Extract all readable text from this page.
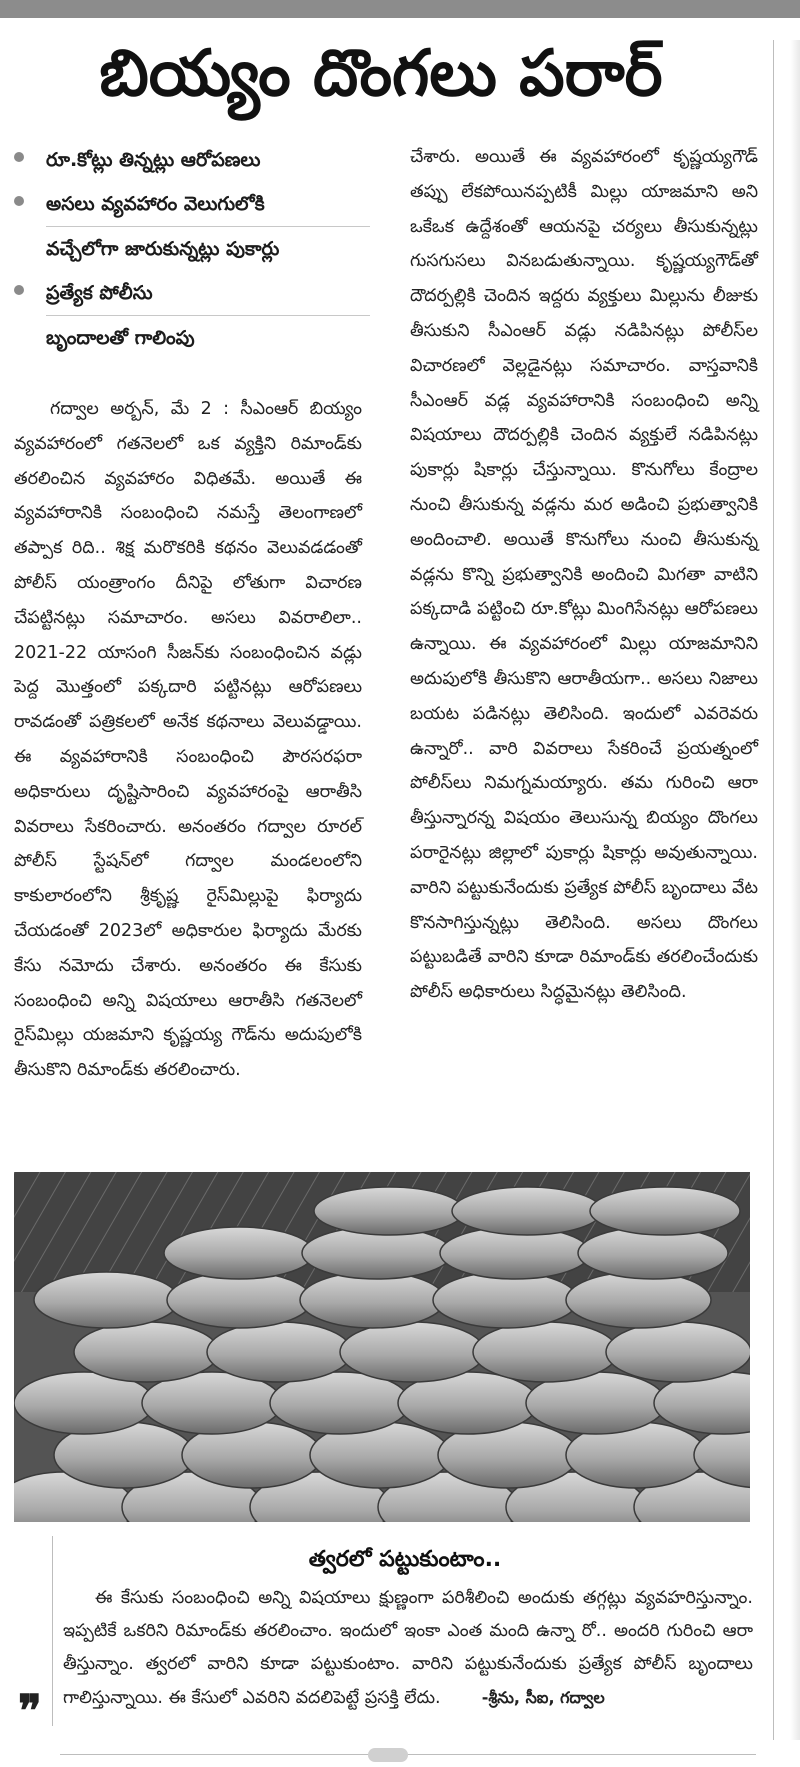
బియ్యం దొంగలు పరార్
రూ.కోట్లు తిన్నట్లు ఆరోపణలు
అసలు వ్యవహారం వెలుగులోకి
వచ్చేలోగా జారుకున్నట్లు పుకార్లు
ప్రత్యేక పోలీసు
బృందాలతో గాలింపు

గద్వాల అర్బన్, మే 2 : సీఎంఆర్ బియ్యం వ్యవహారంలో గతనెలలో ఒక వ్యక్తిని రిమాండ్‌కు తరలించిన వ్యవహారం విధితమే. అయితే ఈ వ్యవహారానికి సంబంధించి నమస్తే తెలంగాణలో తప్పాక రిది.. శిక్ష మరొకరికి కథనం వెలువడడంతో పోలీస్ యంత్రాంగం దీనిపై లోతుగా విచారణ చేపట్టినట్లు సమాచారం. అసలు వివరాలిలా.. 2021-22 యాసంగి సీజన్‌కు సంబంధించిన వడ్లు పెద్ద మొత్తంలో పక్కదారి పట్టినట్లు ఆరోపణలు రావడంతో పత్రికలలో అనేక కథనాలు వెలువడ్డాయి. ఈ వ్యవహారానికి సంబంధించి పౌరసరఫరా అధికారులు దృష్టిసారించి వ్యవహారంపై ఆరాతీసి వివరాలు సేకరించారు. అనంతరం గద్వాల రూరల్ పోలీస్ స్టేషన్‌లో గద్వాల మండలంలోని కాకులారంలోని శ్రీకృష్ణ రైస్‌మిల్లుపై ఫిర్యాదు చేయడంతో 2023లో అధికారుల ఫిర్యాదు మేరకు కేసు నమోదు చేశారు. అనంతరం ఈ కేసుకు సంబంధించి అన్ని విషయాలు ఆరాతీసి గతనెలలో రైస్‌మిల్లు యజమాని కృష్ణయ్య గౌడ్‌ను అదుపులోకి తీసుకొని రిమాండ్‌కు తరలించారు.

చేశారు. అయితే ఈ వ్యవహారంలో కృష్ణయ్యగౌడ్ తప్పు లేకపోయినప్పటికీ మిల్లు యాజమాని అని ఒకేఒక ఉద్దేశంతో ఆయనపై చర్యలు తీసుకున్నట్లు గుసగుసలు వినబడుతున్నాయి. కృష్ణయ్యగౌడ్‌తో దౌదర్పల్లికి చెందిన ఇద్దరు వ్యక్తులు మిల్లును లీజుకు తీసుకుని సీఎంఆర్ వడ్లు నడిపినట్లు పోలీస్‌ల విచారణలో వెల్లడైనట్లు సమాచారం. వాస్తవానికి సీఎంఆర్ వడ్ల వ్యవహారానికి సంబంధించి అన్ని విషయాలు దౌదర్పల్లికి చెందిన వ్యక్తులే నడిపినట్లు పుకార్లు షికార్లు చేస్తున్నాయి. కొనుగోలు కేంద్రాల నుంచి తీసుకున్న వడ్లను మర అడించి ప్రభుత్వానికి అందించాలి. అయితే కొనుగోలు నుంచి తీసుకున్న వడ్లను కొన్ని ప్రభుత్వానికి అందించి మిగతా వాటిని పక్కదాడి పట్టించి రూ.కోట్లు మింగిసేనట్లు ఆరోపణలు ఉన్నాయి. ఈ వ్యవహారంలో మిల్లు యాజమానిని అదుపులోకి తీసుకొని ఆరాతీయగా.. అసలు నిజాలు బయట పడినట్లు తెలిసింది. ఇందులో ఎవరెవరు ఉన్నారో.. వారి వివరాలు సేకరించే ప్రయత్నంలో పోలీస్‌లు నిమగ్నమయ్యారు. తమ గురించి ఆరా తీస్తున్నారన్న విషయం తెలుసున్న బియ్యం దొంగలు పరారైనట్లు జిల్లాలో పుకార్లు షికార్లు అవుతున్నాయి. వారిని పట్టుకునేందుకు ప్రత్యేక పోలీస్ బృందాలు వేట కొనసాగిస్తున్నట్లు తెలిసింది. అసలు దొంగలు పట్టుబడితే వారిని కూడా రిమాండ్‌కు తరలించేందుకు పోలీస్ అధికారులు సిద్ధమైనట్లు తెలిసింది.

త్వరలో పట్టుకుంటాం..

ఈ కేసుకు సంబంధించి అన్ని విషయాలు క్షుణ్ణంగా పరిశీలించి అందుకు తగ్గట్లు వ్యవహరిస్తున్నాం. ఇప్పటికే ఒకరిని రిమాండ్‌కు తరలించాం. ఇందులో ఇంకా ఎంత మంది ఉన్నా రో.. అందరి గురించి ఆరా తీస్తున్నాం. త్వరలో వారిని కూడా పట్టుకుంటాం. వారిని పట్టుకునేందుకు ప్రత్యేక పోలీస్ బృందాలు గాలిస్తున్నాయి. ఈ కేసులో ఎవరిని వదలిపెట్టే ప్రసక్తి లేదు.	-శ్రీను, సీఐ, గద్వాల

❞
